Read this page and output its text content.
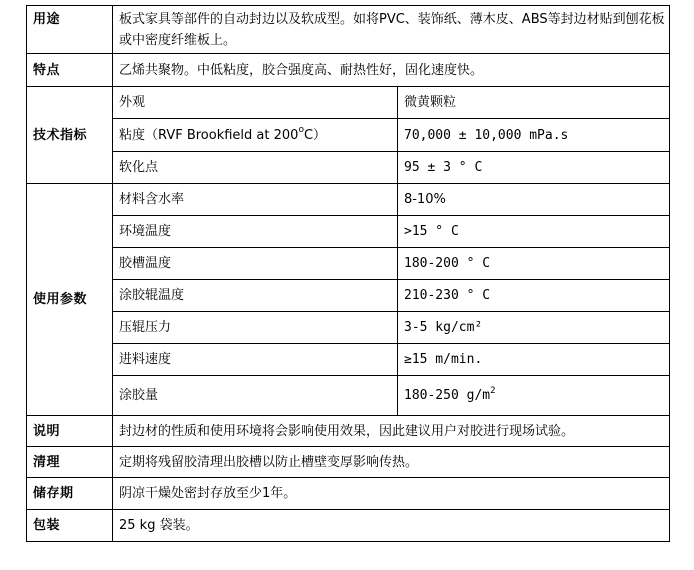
用途	板式家具等部件的自动封边以及软成型。如将PVC、装饰纸、薄木皮、ABS等封边材贴到刨花板或中密度纤维板上。	
特点	乙烯共聚物。中低粘度，胶合强度高、耐热性好，固化速度快。	
技术指标	外观	微黄颗粒
	粘度（RVF Brookfield at 200$^o$C）	70,000 ± 10,000 mPa.s
	软化点	95 ± 3 ° C
使用参数	材料含水率	8-10%
	环境温度	>15 ° C
	胶槽温度	180-200 ° C
	涂胶辊温度	210-230 ° C
	压辊压力	3-5 kg/cm²
	进料速度	≥15 m/min.
	涂胶量	180-250 $g/m^2$
说明	封边材的性质和使用环境将会影响使用效果，因此建议用户对胶进行现场试验。	
清理	定期将残留胶清理出胶槽以防止槽壁变厚影响传热。	
储存期	阴凉干燥处密封存放至少1年。	
包装	25 kg 袋装。	
